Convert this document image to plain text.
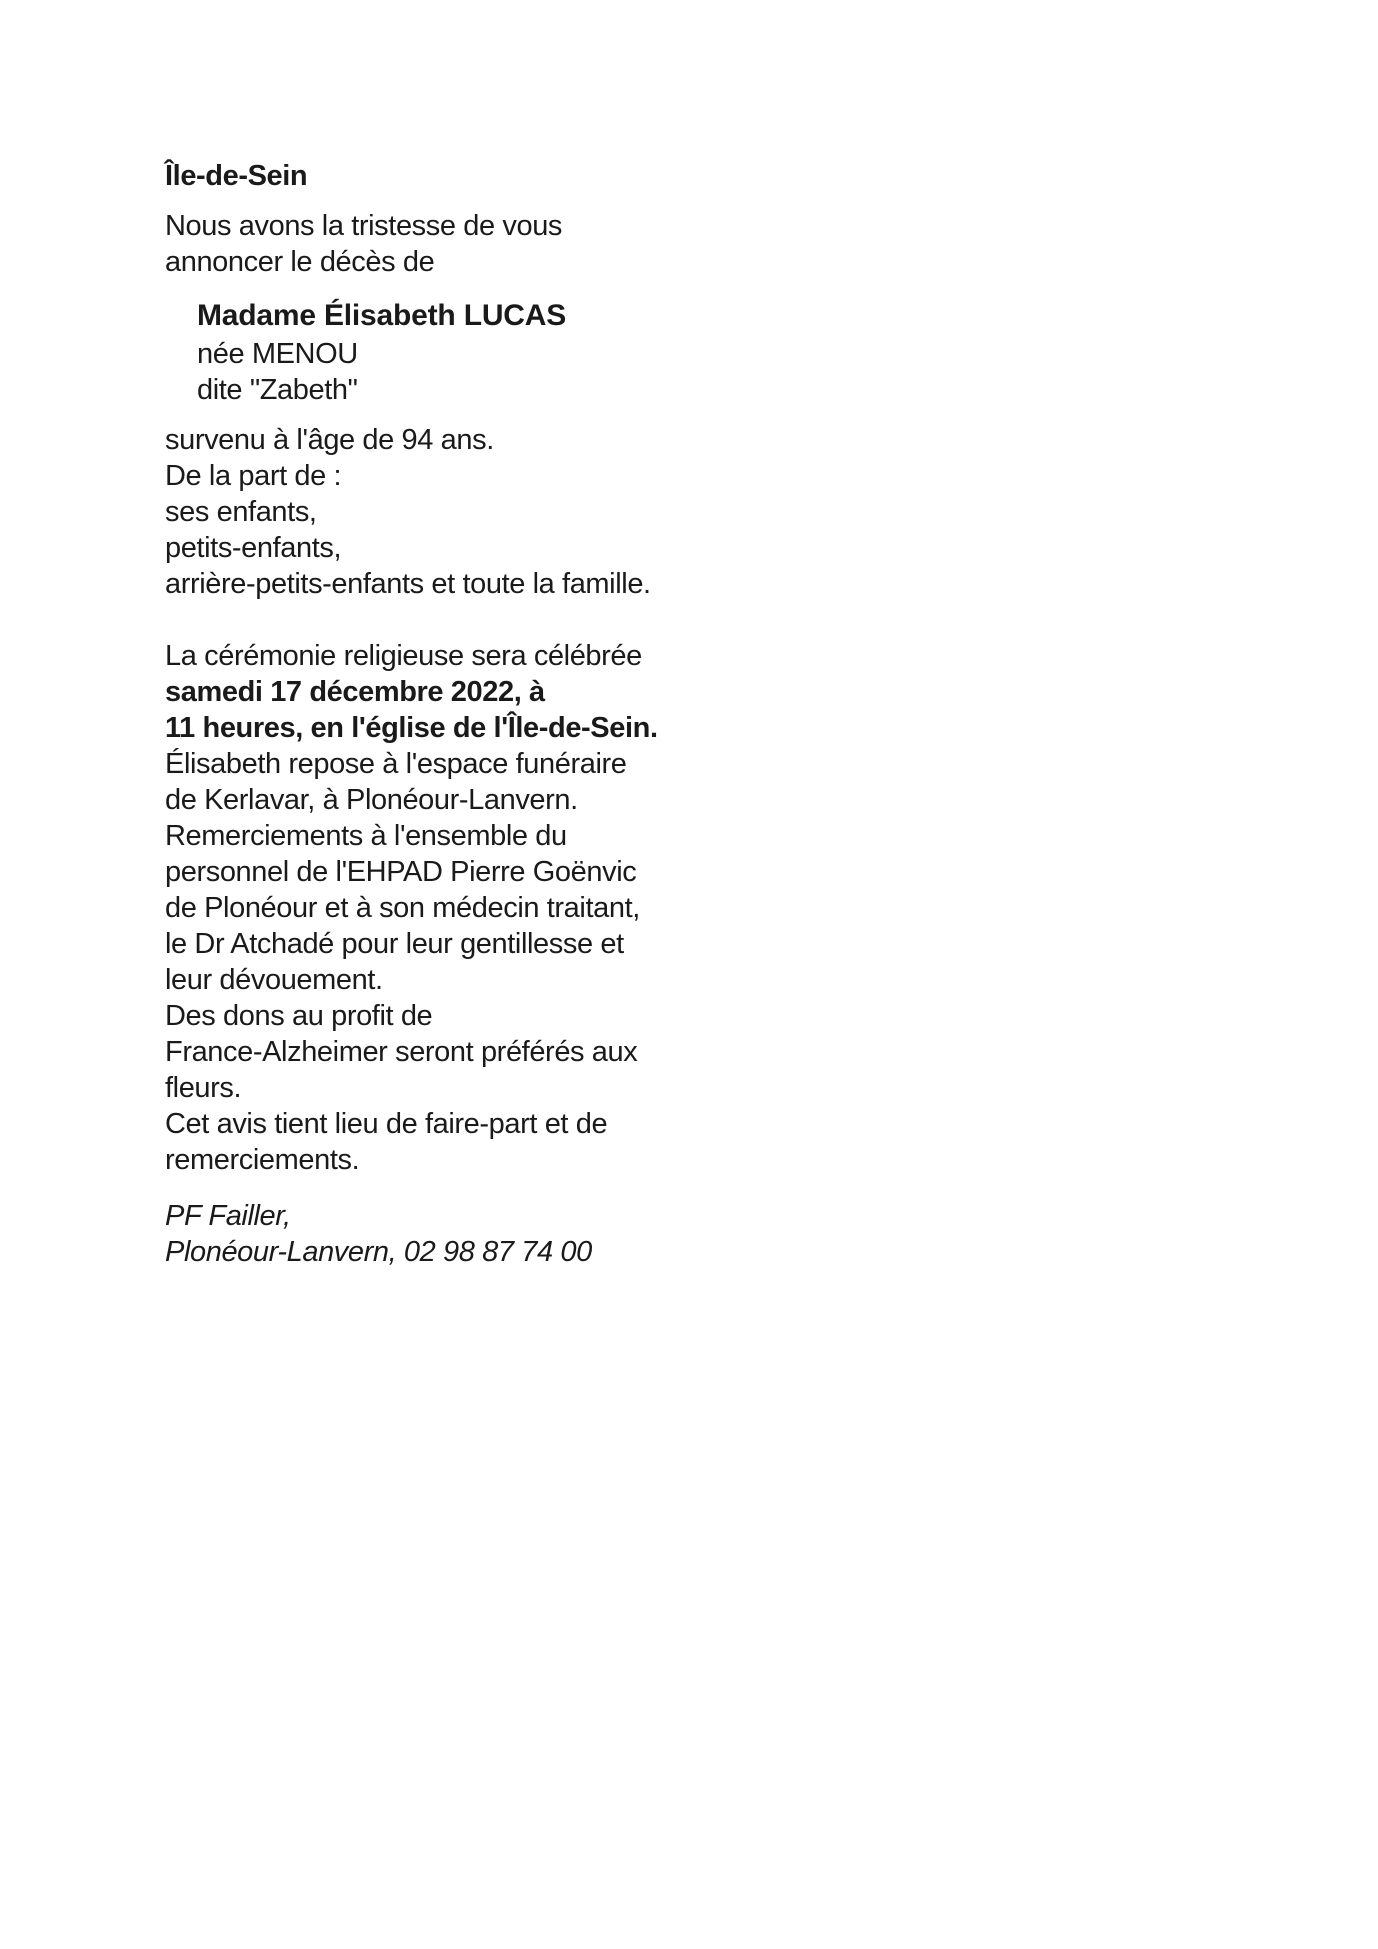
Île-de-Sein
Nous avons la tristesse de vous
annoncer le décès de
Madame Élisabeth LUCAS
née MENOU
dite "Zabeth"
survenu à l'âge de 94 ans.
De la part de :
ses enfants,
petits-enfants,
arrière-petits-enfants et toute la famille.
La cérémonie religieuse sera célébrée
samedi 17 décembre 2022, à
11 heures, en l'église de l'Île-de-Sein.
Élisabeth repose à l'espace funéraire
de Kerlavar, à Plonéour-Lanvern.
Remerciements à l'ensemble du
personnel de l'EHPAD Pierre Goënvic
de Plonéour et à son médecin traitant,
le Dr Atchadé pour leur gentillesse et
leur dévouement.
Des dons au profit de
France-Alzheimer seront préférés aux
fleurs.
Cet avis tient lieu de faire-part et de
remerciements.
PF Failler,
Plonéour-Lanvern, 02 98 87 74 00
